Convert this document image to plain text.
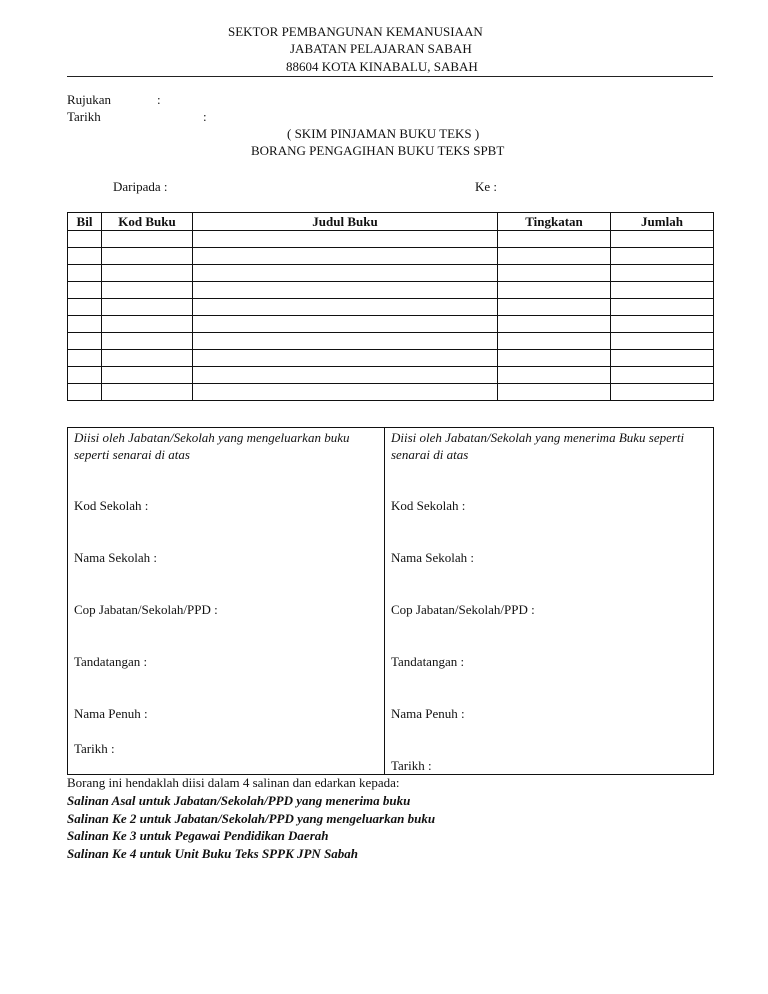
SEKTOR PEMBANGUNAN KEMANUSIAAN
JABATAN PELAJARAN SABAH
88604 KOTA KINABALU, SABAH
Rujukan	:
Tarikh	:
( SKIM PINJAMAN BUKU TEKS )
BORANG PENGAGIHAN BUKU TEKS SPBT
Daripada :	Ke :
Bil	Kod Buku	Judul Buku	Tingkatan	Jumlah

Diisi oleh Jabatan/Sekolah yang mengeluarkan buku seperti senarai di atas
Kod Sekolah :
Nama Sekolah :
Cop Jabatan/Sekolah/PPD :
Tandatangan :
Nama Penuh :
Tarikh :

Diisi oleh Jabatan/Sekolah yang menerima Buku seperti senarai di atas
Kod Sekolah :
Nama Sekolah :
Cop Jabatan/Sekolah/PPD :
Tandatangan :
Nama Penuh :
Tarikh :
Borang ini hendaklah diisi dalam 4 salinan dan edarkan kepada:
Salinan Asal untuk Jabatan/Sekolah/PPD yang menerima buku
Salinan Ke 2 untuk Jabatan/Sekolah/PPD yang mengeluarkan buku
Salinan Ke 3 untuk Pegawai Pendidikan Daerah
Salinan Ke 4 untuk Unit Buku Teks SPPK JPN Sabah
